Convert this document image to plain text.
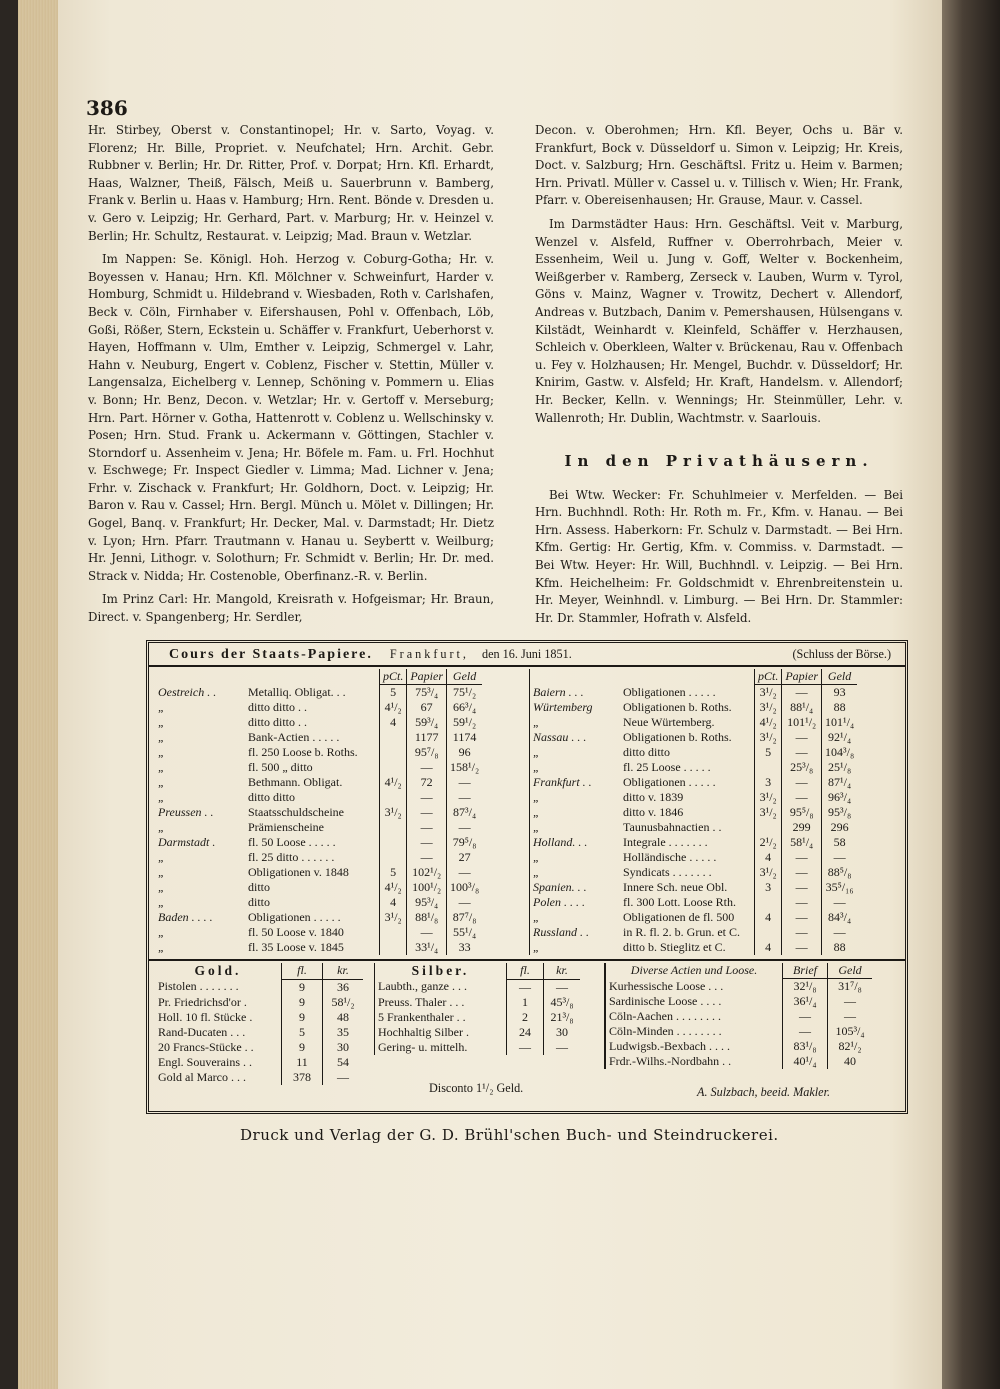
386

Hr. Stirbey, Oberst v. Constantinopel; Hr. v. Sarto, Voyag. v. Florenz; Hr. Bille, Propriet. v. Neufchatel; Hrn. Archit. Gebr. Rubbner v. Berlin; Hr. Dr. Ritter, Prof. v. Dorpat; Hrn. Kfl. Erhardt, Haas, Walzner, Theiß, Fälsch, Meiß u. Sauerbrunn v. Bamberg, Frank v. Berlin u. Haas v. Hamburg; Hrn. Rent. Bönde v. Dresden u. v. Gero v. Leipzig; Hr. Gerhard, Part. v. Marburg; Hr. v. Heinzel v. Berlin; Hr. Schultz, Restaurat. v. Leipzig; Mad. Braun v. Wetzlar.

Im Nappen: Se. Königl. Hoh. Herzog v. Coburg-Gotha; Hr. v. Boyessen v. Hanau; Hrn. Kfl. Mölchner v. Schweinfurt, Harder v. Homburg, Schmidt u. Hildebrand v. Wiesbaden, Roth v. Carlshafen, Beck v. Cöln, Firnhaber v. Eifershausen, Pohl v. Offenbach, Löb, Goßi, Rößer, Stern, Eckstein u. Schäffer v. Frankfurt, Ueberhorst v. Hayen, Hoffmann v. Ulm, Emther v. Leipzig, Schmergel v. Lahr, Hahn v. Neuburg, Engert v. Coblenz, Fischer v. Stettin, Müller v. Langensalza, Eichelberg v. Lennep, Schöning v. Pommern u. Elias v. Bonn; Hr. Benz, Decon. v. Wetzlar; Hr. v. Gertoff v. Merseburg; Hrn. Part. Hörner v. Gotha, Hattenrott v. Coblenz u. Wellschinsky v. Posen; Hrn. Stud. Frank u. Ackermann v. Göttingen, Stachler v. Storndorf u. Assenheim v. Jena; Hr. Böfele m. Fam. u. Frl. Hochhut v. Eschwege; Fr. Inspect Giedler v. Limma; Mad. Lichner v. Jena; Frhr. v. Zischack v. Frankfurt; Hr. Goldhorn, Doct. v. Leipzig; Hr. Baron v. Rau v. Cassel; Hrn. Bergl. Münch u. Mölet v. Dillingen; Hr. Gogel, Banq. v. Frankfurt; Hr. Decker, Mal. v. Darmstadt; Hr. Dietz v. Lyon; Hrn. Pfarr. Trautmann v. Hanau u. Seybertt v. Weilburg; Hr. Jenni, Lithogr. v. Solothurn; Fr. Schmidt v. Berlin; Hr. Dr. med. Strack v. Nidda; Hr. Costenoble, Oberfinanz.-R. v. Berlin.

Im Prinz Carl: Hr. Mangold, Kreisrath v. Hofgeismar; Hr. Braun, Direct. v. Spangenberg; Hr. Serdler,

Decon. v. Oberohmen; Hrn. Kfl. Beyer, Ochs u. Bär v. Frankfurt, Bock v. Düsseldorf u. Simon v. Leipzig; Hr. Kreis, Doct. v. Salzburg; Hrn. Geschäftsl. Fritz u. Heim v. Barmen; Hrn. Privatl. Müller v. Cassel u. v. Tillisch v. Wien; Hr. Frank, Pfarr. v. Obereisenhausen; Hr. Grause, Maur. v. Cassel.

Im Darmstädter Haus: Hrn. Geschäftsl. Veit v. Marburg, Wenzel v. Alsfeld, Ruffner v. Oberrohrbach, Meier v. Essenheim, Weil u. Jung v. Goff, Welter v. Bockenheim, Weißgerber v. Ramberg, Zerseck v. Lauben, Wurm v. Tyrol, Göns v. Mainz, Wagner v. Trowitz, Dechert v. Allendorf, Andreas v. Butzbach, Danim v. Pemershausen, Hülsengans v. Kilstädt, Weinhardt v. Kleinfeld, Schäffer v. Herzhausen, Schleich v. Oberkleen, Walter v. Brückenau, Rau v. Offenbach u. Fey v. Holzhausen; Hr. Mengel, Buchdr. v. Düsseldorf; Hr. Knirim, Gastw. v. Alsfeld; Hr. Kraft, Handelsm. v. Allendorf; Hr. Becker, Kelln. v. Wennings; Hr. Steinmüller, Lehr. v. Wallenroth; Hr. Dublin, Wachtmstr. v. Saarlouis.

In den Privathäusern.

Bei Wtw. Wecker: Fr. Schuhlmeier v. Merfelden. — Bei Hrn. Buchhndl. Roth: Hr. Roth m. Fr., Kfm. v. Hanau. — Bei Hrn. Assess. Haberkorn: Fr. Schulz v. Darmstadt. — Bei Hrn. Kfm. Gertig: Hr. Gertig, Kfm. v. Commiss. v. Darmstadt. — Bei Wtw. Heyer: Hr. Will, Buchhndl. v. Leipzig. — Bei Hrn. Kfm. Heichelheim: Fr. Goldschmidt v. Ehrenbreitenstein u. Hr. Meyer, Weinhndl. v. Limburg. — Bei Hrn. Dr. Stammler: Hr. Dr. Stammler, Hofrath v. Alsfeld.

Cours der Staats-Papiere. Frankfurt, den 16. Juni 1851.	(Schluss der Börse.)
		pCt.	Papier	Geld
Oestreich . .	Metalliq. Obligat. . .	5	75³/₄	75¹/₂
„	ditto ditto . .	4¹/₂	67	66³/₄
„	ditto ditto . .	4	59³/₄	59¹/₂
„	Bank-Actien . . . . .		1177	1174
„	fl. 250 Loose b. Roths.		95⁷/₈	96
„	fl. 500 „ ditto		—	158¹/₂
„	Bethmann. Obligat.	4¹/₂	72	—
„	ditto ditto		—	—
Preussen . .	Staatsschuldscheine	3¹/₂	—	87³/₄
„	Prämienscheine		—	—
Darmstadt .	fl. 50 Loose . . . . .		—	79⁵/₈
„	fl. 25 ditto . . . . . .		—	27
„	Obligationen v. 1848	5	102¹/₂	—
„	ditto	4¹/₂	100¹/₂	100³/₈
„	ditto	4	95³/₄	—
Baden . . . .	Obligationen . . . . .	3¹/₂	88¹/₈	87⁷/₈
„	fl. 50 Loose v. 1840		—	55¹/₄
„	fl. 35 Loose v. 1845		33¹/₄	33
		pCt.	Papier	Geld
Baiern . . .	Obligationen . . . . .	3¹/₂	—	93
Würtemberg	Obligationen b. Roths.	3¹/₂	88¹/₄	88
„	Neue Würtemberg.	4¹/₂	101¹/₂	101¹/₄
Nassau . . .	Obligationen b. Roths.	3¹/₂	—	92¹/₄
„	ditto ditto	5	—	104³/₈
„	fl. 25 Loose . . . . .		25³/₈	25¹/₈
Frankfurt . .	Obligationen . . . . .	3	—	87¹/₄
„	ditto v. 1839	3¹/₂	—	96³/₄
„	ditto v. 1846	3¹/₂	95⁵/₈	95³/₈
„	Taunusbahnactien . .		299	296
Holland. . .	Integrale . . . . . . .	2¹/₂	58¹/₄	58
„	Holländische . . . . .	4	—	—
„	Syndicats . . . . . . .	3¹/₂	—	88⁵/₈
Spanien. . .	Innere Sch. neue Obl.	3	—	35⁵/₁₆
Polen . . . .	fl. 300 Lott. Loose Rth.		—	—
„	Obligationen de fl. 500	4	—	84³/₄
Russland . .	in R. fl. 2. b. Grun. et C.		—	—
„	ditto b. Stieglitz et C.	4	—	88
Gold.	fl.	kr.
Pistolen . . . . . . .	9	36
Pr. Friedrichsd'or .	9	58¹/₂
Holl. 10 fl. Stücke .	9	48
Rand-Ducaten . . .	5	35
20 Francs-Stücke . .	9	30
Engl. Souverains . .	11	54
Gold al Marco . . .	378	—
Silber.	fl.	kr.
Laubth., ganze . . .	—	—
Preuss. Thaler . . .	1	45³/₈
5 Frankenthaler . .	2	21³/₈
Hochhaltig Silber .	24	30
Gering- u. mittelh.	—	—
Disconto 1¹/₂ Geld.
Diverse Actien und Loose.	Brief	Geld
Kurhessische Loose . . .	32¹/₈	31⁷/₈
Sardinische Loose . . . .	36¹/₄	—
Cöln-Aachen . . . . . . . .	—	—
Cöln-Minden . . . . . . . .	—	105³/₄
Ludwigsb.-Bexbach . . . .	83¹/₈	82¹/₂
Frdr.-Wilhs.-Nordbahn . .	40¹/₄	40
A. Sulzbach, beeid. Makler.
Druck und Verlag der G. D. Brühl'schen Buch- und Steindruckerei.
